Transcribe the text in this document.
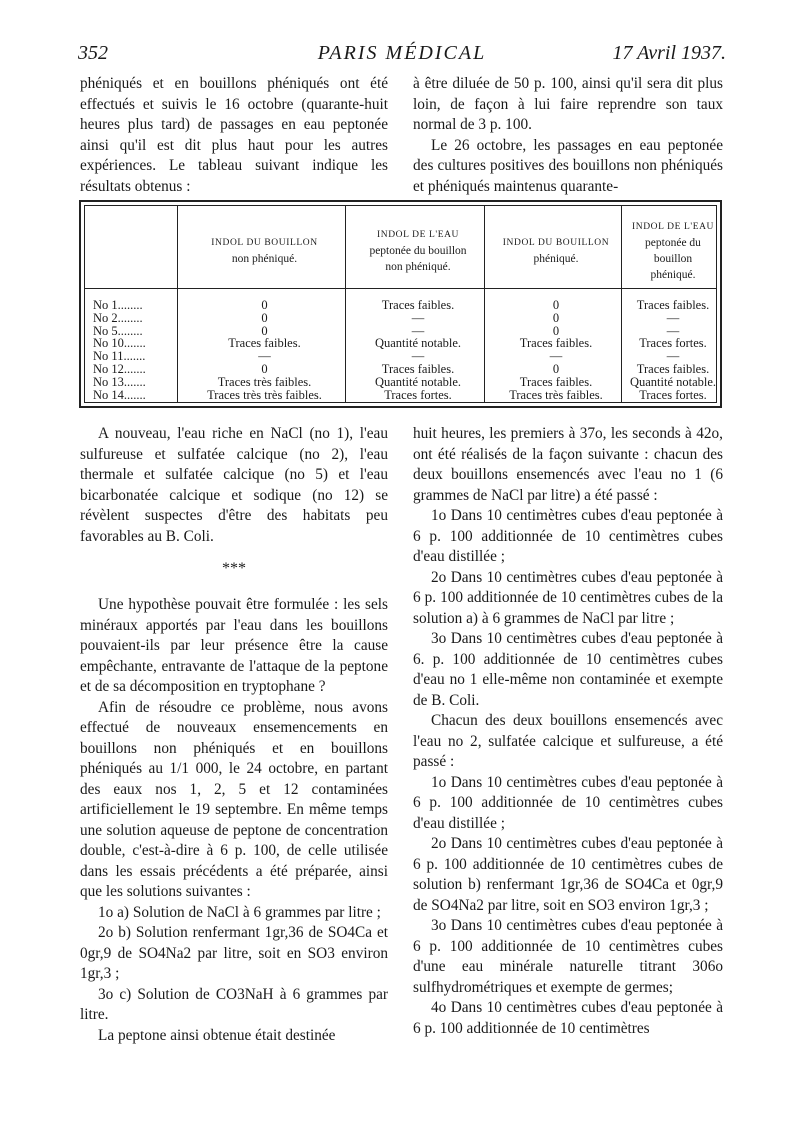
352	PARIS MÉDICAL	17 Avril 1937.

phéniqués et en bouillons phéniqués ont été effectués et suivis le 16 octobre (quarante-huit heures plus tard) de passages en eau peptonée ainsi qu'il est dit plus haut pour les autres expériences. Le tableau suivant indique les résultats obtenus :

à être diluée de 50 p. 100, ainsi qu'il sera dit plus loin, de façon à lui faire reprendre son taux normal de 3 p. 100.

Le 26 octobre, les passages en eau peptonée des cultures positives des bouillons non phéniqués et phéniqués maintenus quarante-

INDOL DU BOUILLON
non phéniqué.
INDOL DE L'EAU
peptonée du bouillon
non phéniqué.
INDOL DU BOUILLON
phéniqué.
INDOL DE L'EAU
peptonée du bouillon
phéniqué.
No 1........
No 2........
No 5........
No 10.......
No 11.......
No 12.......
No 13.......
No 14.......
0
0
0
Traces faibles.
—
0
Traces très faibles.
Traces très très faibles.
Traces faibles.
—
—
Quantité notable.
—
Traces faibles.
Quantité notable.
Traces fortes.
0
0
0
Traces faibles.
—
0
Traces faibles.
Traces très faibles.
Traces faibles.
—
—
Traces fortes.
—
Traces faibles.
Quantité notable.
Traces fortes.

A nouveau, l'eau riche en NaCl (no 1), l'eau sulfureuse et sulfatée calcique (no 2), l'eau thermale et sulfatée calcique (no 5) et l'eau bicarbonatée calcique et sodique (no 12) se révèlent suspectes d'être des habitats peu favorables au B. Coli.

***

Une hypothèse pouvait être formulée : les sels minéraux apportés par l'eau dans les bouillons pouvaient-ils par leur présence être la cause empêchante, entravante de l'attaque de la peptone et de sa décomposition en tryptophane ?

Afin de résoudre ce problème, nous avons effectué de nouveaux ensemencements en bouillons non phéniqués et en bouillons phéniqués au 1/1 000, le 24 octobre, en partant des eaux nos 1, 2, 5 et 12 contaminées artificiellement le 19 septembre. En même temps une solution aqueuse de peptone de concentration double, c'est-à-dire à 6 p. 100, de celle utilisée dans les essais précédents a été préparée, ainsi que les solutions suivantes :

1o a) Solution de NaCl à 6 grammes par litre ;

2o b) Solution renfermant 1gr,36 de SO4Ca et 0gr,9 de SO4Na2 par litre, soit en SO3 environ 1gr,3 ;

3o c) Solution de CO3NaH à 6 grammes par litre.

La peptone ainsi obtenue était destinée

huit heures, les premiers à 37o, les seconds à 42o, ont été réalisés de la façon suivante : chacun des deux bouillons ensemencés avec l'eau no 1 (6 grammes de NaCl par litre) a été passé :

1o Dans 10 centimètres cubes d'eau peptonée à 6 p. 100 additionnée de 10 centimètres cubes d'eau distillée ;

2o Dans 10 centimètres cubes d'eau peptonée à 6 p. 100 additionnée de 10 centimètres cubes de la solution a) à 6 grammes de NaCl par litre ;

3o Dans 10 centimètres cubes d'eau peptonée à 6. p. 100 additionnée de 10 centimètres cubes d'eau no 1 elle-même non contaminée et exempte de B. Coli.

Chacun des deux bouillons ensemencés avec l'eau no 2, sulfatée calcique et sulfureuse, a été passé :

1o Dans 10 centimètres cubes d'eau peptonée à 6 p. 100 additionnée de 10 centimètres cubes d'eau distillée ;

2o Dans 10 centimètres cubes d'eau peptonée à 6 p. 100 additionnée de 10 centimètres cubes de solution b) renfermant 1gr,36 de SO4Ca et 0gr,9 de SO4Na2 par litre, soit en SO3 environ 1gr,3 ;

3o Dans 10 centimètres cubes d'eau peptonée à 6 p. 100 additionnée de 10 centimètres cubes d'une eau minérale naturelle titrant 306o sulfhydrométriques et exempte de germes;

4o Dans 10 centimètres cubes d'eau peptonée à 6 p. 100 additionnée de 10 centimètres
